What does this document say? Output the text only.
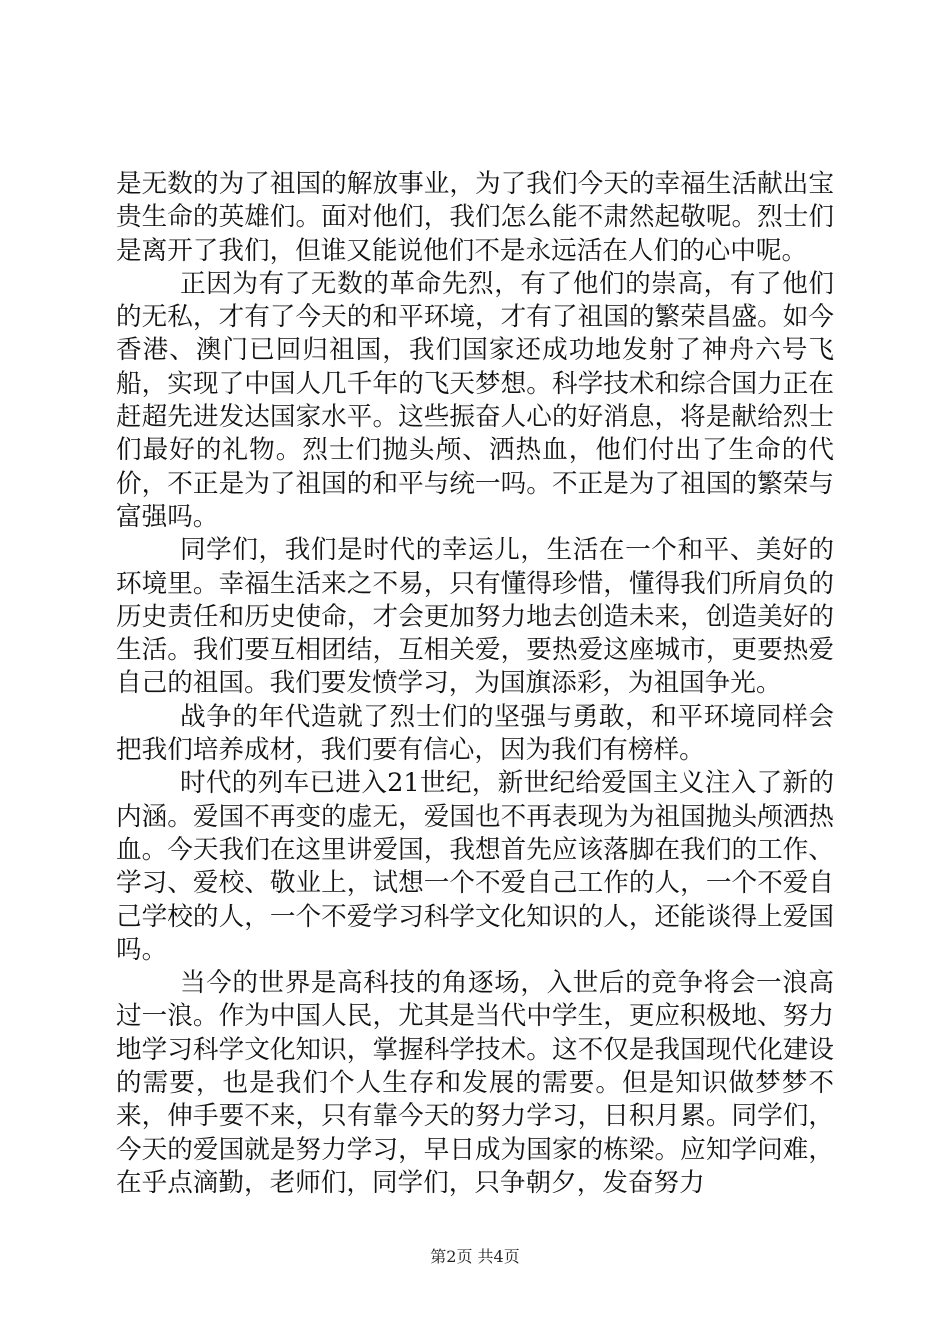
是无数的为了祖国的解放事业，为了我们今天的幸福生活献出宝贵生命的英雄们。面对他们，我们怎么能不肃然起敬呢。烈士们是离开了我们，但谁又能说他们不是永远活在人们的心中呢。

正因为有了无数的革命先烈，有了他们的崇高，有了他们的无私，才有了今天的和平环境，才有了祖国的繁荣昌盛。如今香港、澳门已回归祖国，我们国家还成功地发射了神舟六号飞船，实现了中国人几千年的飞天梦想。科学技术和综合国力正在赶超先进发达国家水平。这些振奋人心的好消息，将是献给烈士们最好的礼物。烈士们抛头颅、洒热血，他们付出了生命的代价，不正是为了祖国的和平与统一吗。不正是为了祖国的繁荣与富强吗。

同学们，我们是时代的幸运儿，生活在一个和平、美好的环境里。幸福生活来之不易，只有懂得珍惜，懂得我们所肩负的历史责任和历史使命，才会更加努力地去创造未来，创造美好的生活。我们要互相团结，互相关爱，要热爱这座城市，更要热爱自己的祖国。我们要发愤学习，为国旗添彩，为祖国争光。

战争的年代造就了烈士们的坚强与勇敢，和平环境同样会把我们培养成材，我们要有信心，因为我们有榜样。

时代的列车已进入21世纪，新世纪给爱国主义注入了新的内涵。爱国不再变的虚无，爱国也不再表现为为祖国抛头颅洒热血。今天我们在这里讲爱国，我想首先应该落脚在我们的工作、学习、爱校、敬业上，试想一个不爱自己工作的人，一个不爱自己学校的人，一个不爱学习科学文化知识的人，还能谈得上爱国吗。

当今的世界是高科技的角逐场，入世后的竞争将会一浪高过一浪。作为中国人民，尤其是当代中学生，更应积极地、努力地学习科学文化知识，掌握科学技术。这不仅是我国现代化建设的需要，也是我们个人生存和发展的需要。但是知识做梦梦不来，伸手要不来，只有靠今天的努力学习，日积月累。同学们，今天的爱国就是努力学习，早日成为国家的栋梁。应知学问难，在乎点滴勤，老师们，同学们，只争朝夕，发奋努力

第2页 共4页
